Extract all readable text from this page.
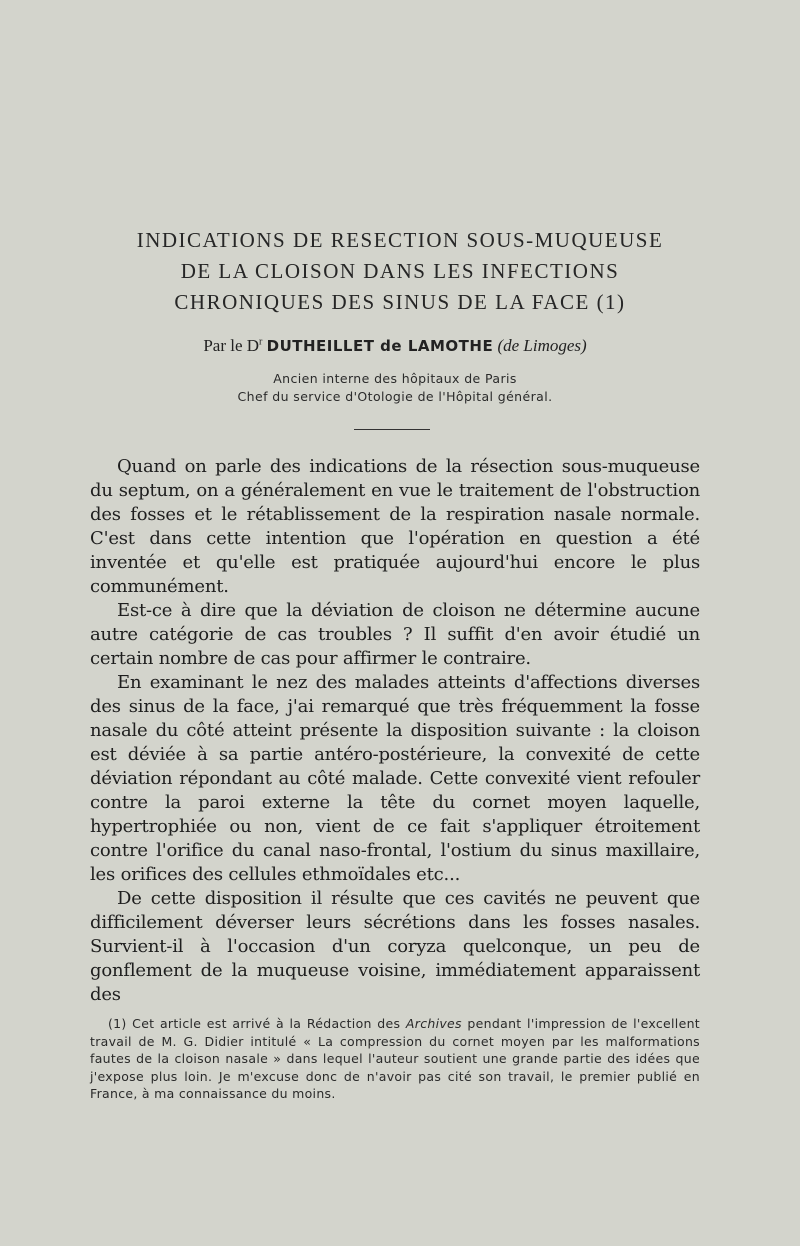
INDICATIONS DE RESECTION SOUS-MUQUEUSE
DE LA CLOISON DANS LES INFECTIONS
CHRONIQUES DES SINUS DE LA FACE (1)
Par le $D^r$ DUTHEILLET de LAMOTHE (de Limoges)
Ancien interne des hôpitaux de Paris
Chef du service d'Otologie de l'Hôpital général.

Quand on parle des indications de la résection sous-muqueuse du septum, on a généralement en vue le traitement de l'obstruction des fosses et le rétablissement de la respiration nasale normale. C'est dans cette intention que l'opération en question a été inventée et qu'elle est pratiquée aujourd'hui encore le plus communément.

Est-ce à dire que la déviation de cloison ne détermine aucune autre catégorie de cas troubles ? Il suffit d'en avoir étudié un certain nombre de cas pour affirmer le contraire.

En examinant le nez des malades atteints d'affections diverses des sinus de la face, j'ai remarqué que très fréquemment la fosse nasale du côté atteint présente la disposition suivante : la cloison est déviée à sa partie antéro-postérieure, la convexité de cette déviation répondant au côté malade. Cette convexité vient refouler contre la paroi externe la tête du cornet moyen laquelle, hypertrophiée ou non, vient de ce fait s'appliquer étroitement contre l'orifice du canal naso-frontal, l'ostium du sinus maxillaire, les orifices des cellules ethmoïdales etc...

De cette disposition il résulte que ces cavités ne peuvent que difficilement déverser leurs sécrétions dans les fosses nasales. Survient-il à l'occasion d'un coryza quelconque, un peu de gonflement de la muqueuse voisine, immédiatement apparaissent des

(1) Cet article est arrivé à la Rédaction des Archives pendant l'impression de l'excellent travail de M. G. Didier intitulé « La compression du cornet moyen par les malformations fautes de la cloison nasale » dans lequel l'auteur soutient une grande partie des idées que j'expose plus loin. Je m'excuse donc de n'avoir pas cité son travail, le premier publié en France, à ma connaissance du moins.
